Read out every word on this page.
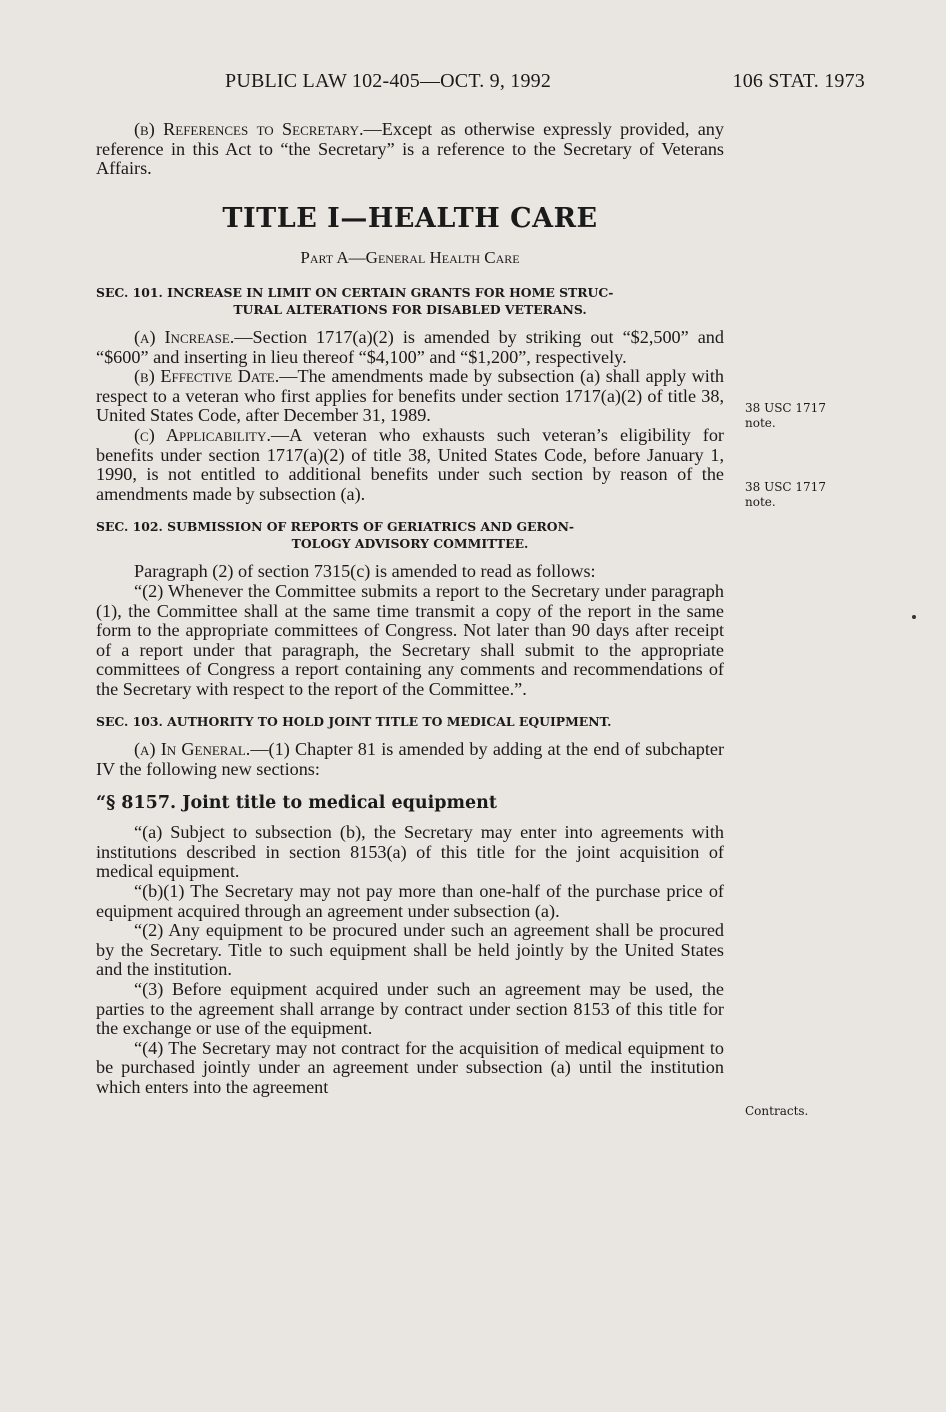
PUBLIC LAW 102-405—OCT. 9, 1992	106 STAT. 1973

(b) References to Secretary.—Except as otherwise expressly provided, any reference in this Act to “the Secretary” is a reference to the Secretary of Veterans Affairs.

TITLE I—HEALTH CARE
Part A—General Health Care
SEC. 101. INCREASE IN LIMIT ON CERTAIN GRANTS FOR HOME STRUC-
TURAL ALTERATIONS FOR DISABLED VETERANS.

(a) Increase.—Section 1717(a)(2) is amended by striking out “$2,500” and “$600” and inserting in lieu thereof “$4,100” and “$1,200”, respectively.

(b) Effective Date.—The amendments made by subsection (a) shall apply with respect to a veteran who first applies for benefits under section 1717(a)(2) of title 38, United States Code, after December 31, 1989.

(c) Applicability.—A veteran who exhausts such veteran’s eligibility for benefits under section 1717(a)(2) of title 38, United States Code, before January 1, 1990, is not entitled to additional benefits under such section by reason of the amendments made by subsection (a).

SEC. 102. SUBMISSION OF REPORTS OF GERIATRICS AND GERON-
TOLOGY ADVISORY COMMITTEE.

Paragraph (2) of section 7315(c) is amended to read as follows:

“(2) Whenever the Committee submits a report to the Secretary under paragraph (1), the Committee shall at the same time transmit a copy of the report in the same form to the appropriate committees of Congress. Not later than 90 days after receipt of a report under that paragraph, the Secretary shall submit to the appropriate committees of Congress a report containing any comments and recommendations of the Secretary with respect to the report of the Committee.”.

SEC. 103. AUTHORITY TO HOLD JOINT TITLE TO MEDICAL EQUIPMENT.

(a) In General.—(1) Chapter 81 is amended by adding at the end of subchapter IV the following new sections:

“§ 8157. Joint title to medical equipment

“(a) Subject to subsection (b), the Secretary may enter into agreements with institutions described in section 8153(a) of this title for the joint acquisition of medical equipment.

“(b)(1) The Secretary may not pay more than one-half of the purchase price of equipment acquired through an agreement under subsection (a).

“(2) Any equipment to be procured under such an agreement shall be procured by the Secretary. Title to such equipment shall be held jointly by the United States and the institution.

“(3) Before equipment acquired under such an agreement may be used, the parties to the agreement shall arrange by contract under section 8153 of this title for the exchange or use of the equipment.

“(4) The Secretary may not contract for the acquisition of medical equipment to be purchased jointly under an agreement under subsection (a) until the institution which enters into the agreement

38 USC 1717
note.
38 USC 1717
note.
Contracts.
